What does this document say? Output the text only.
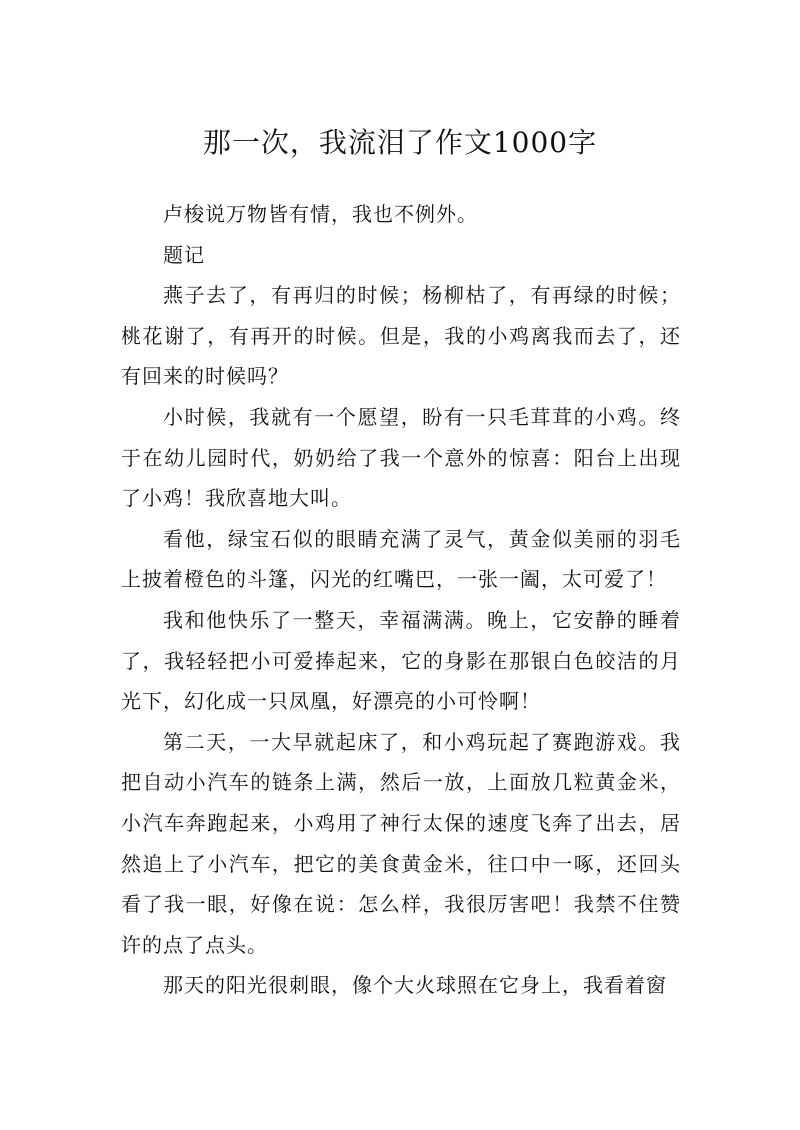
那一次，我流泪了作文1000字

卢梭说万物皆有情，我也不例外。

题记

燕子去了，有再归的时候；杨柳枯了，有再绿的时候；桃花谢了，有再开的时候。但是，我的小鸡离我而去了，还有回来的时候吗？

小时候，我就有一个愿望，盼有一只毛茸茸的小鸡。终于在幼儿园时代，奶奶给了我一个意外的惊喜：阳台上出现了小鸡！我欣喜地大叫。

看他，绿宝石似的眼睛充满了灵气，黄金似美丽的羽毛上披着橙色的斗篷，闪光的红嘴巴，一张一阖，太可爱了！

我和他快乐了一整天，幸福满满。晚上，它安静的睡着了，我轻轻把小可爱捧起来，它的身影在那银白色皎洁的月光下，幻化成一只凤凰，好漂亮的小可怜啊！

第二天，一大早就起床了，和小鸡玩起了赛跑游戏。我把自动小汽车的链条上满，然后一放，上面放几粒黄金米，小汽车奔跑起来，小鸡用了神行太保的速度飞奔了出去，居然追上了小汽车，把它的美食黄金米，往口中一啄，还回头看了我一眼，好像在说：怎么样，我很厉害吧！我禁不住赞许的点了点头。

那天的阳光很刺眼，像个大火球照在它身上，我看着窗
